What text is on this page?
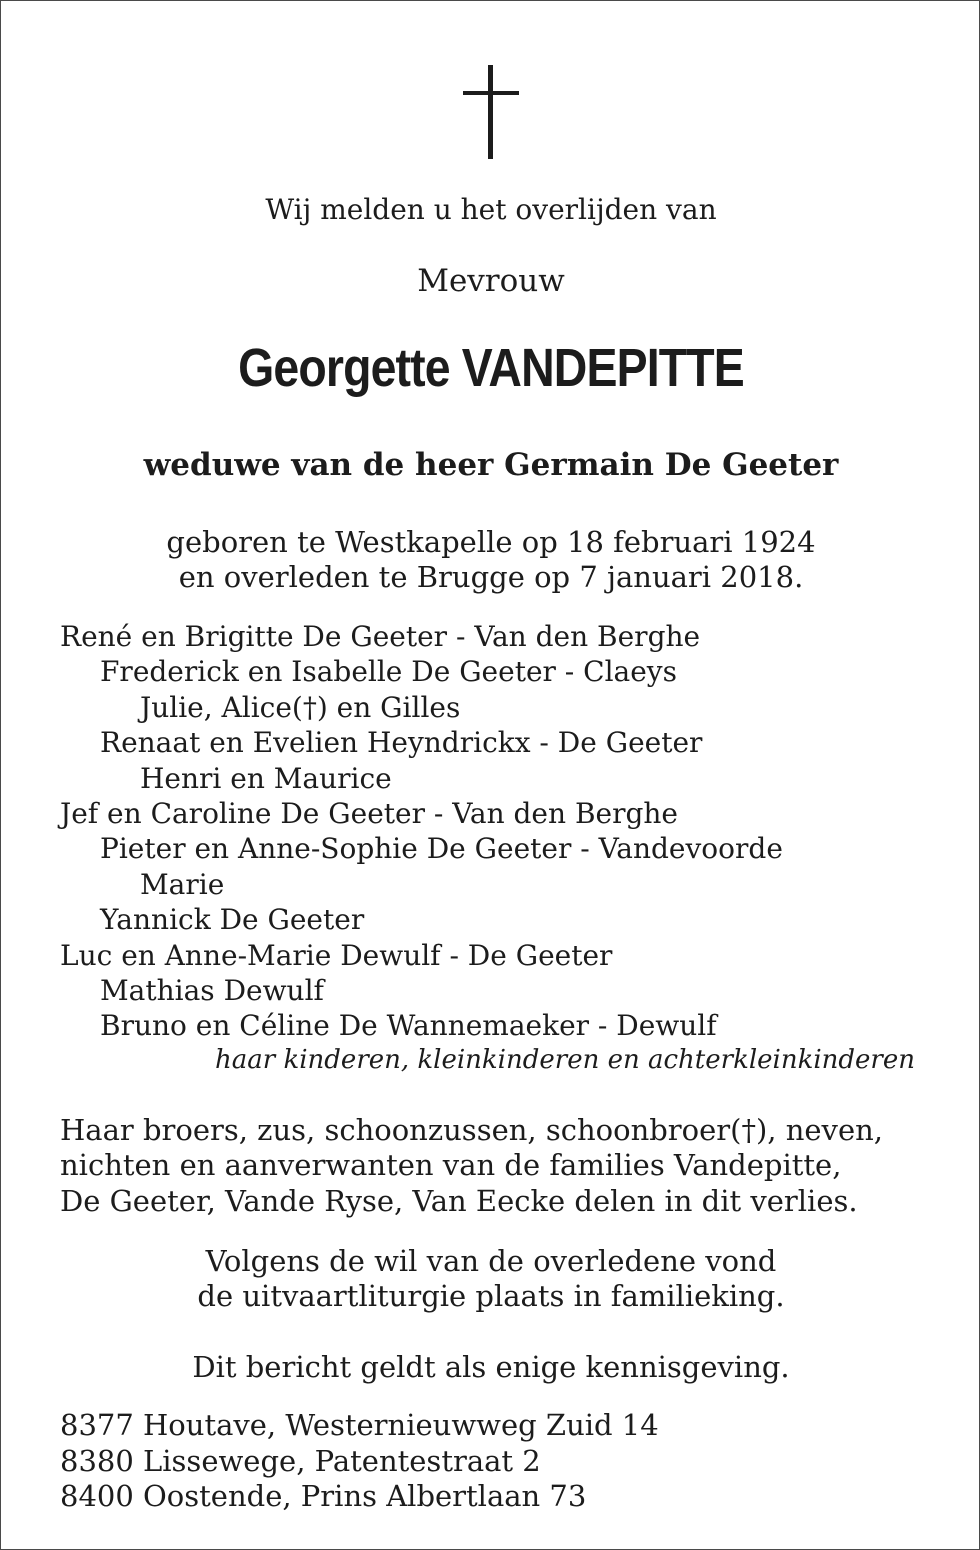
Wij melden u het overlijden van
Mevrouw
Georgette VANDEPITTE
weduwe van de heer Germain De Geeter
geboren te Westkapelle op 18 februari 1924
en overleden te Brugge op 7 januari 2018.
René en Brigitte De Geeter - Van den Berghe
Frederick en Isabelle De Geeter - Claeys
Julie, Alice(†) en Gilles
Renaat en Evelien Heyndrickx - De Geeter
Henri en Maurice
Jef en Caroline De Geeter - Van den Berghe
Pieter en Anne-Sophie De Geeter - Vandevoorde
Marie
Yannick De Geeter
Luc en Anne-Marie Dewulf - De Geeter
Mathias Dewulf
Bruno en Céline De Wannemaeker - Dewulf
haar kinderen, kleinkinderen en achterkleinkinderen
Haar broers, zus, schoonzussen, schoonbroer(†), neven,
nichten en aanverwanten van de families Vandepitte,
De Geeter, Vande Ryse, Van Eecke delen in dit verlies.
Volgens de wil van de overledene vond
de uitvaartliturgie plaats in familieking.
Dit bericht geldt als enige kennisgeving.
8377 Houtave, Westernieuwweg Zuid 14
8380 Lissewege, Patentestraat 2
8400 Oostende, Prins Albertlaan 73
